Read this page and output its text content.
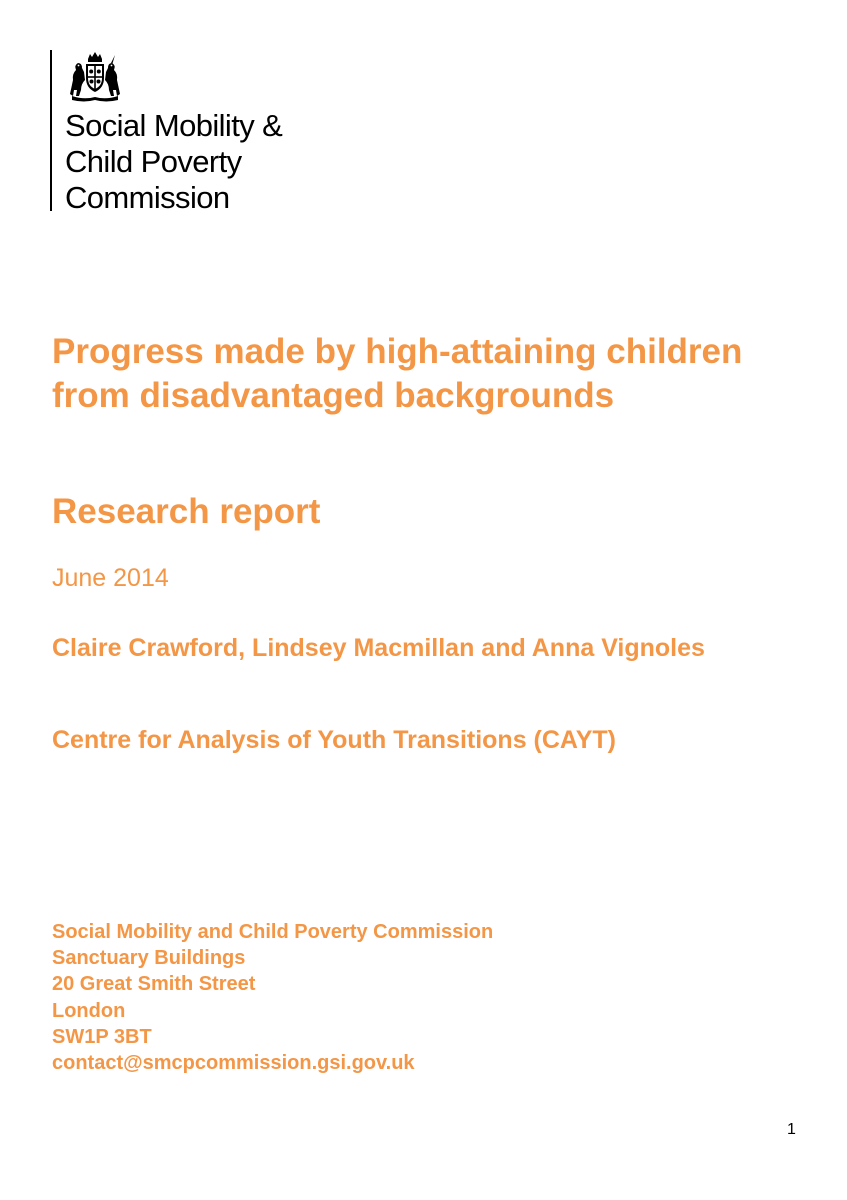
Social Mobility &
Child Poverty
Commission
Progress made by high-attaining children from disadvantaged backgrounds
Research report
June 2014
Claire Crawford, Lindsey Macmillan and Anna Vignoles
Centre for Analysis of Youth Transitions (CAYT)
Social Mobility and Child Poverty Commission
Sanctuary Buildings
20 Great Smith Street
London
SW1P 3BT
contact@smcpcommission.gsi.gov.uk
1
